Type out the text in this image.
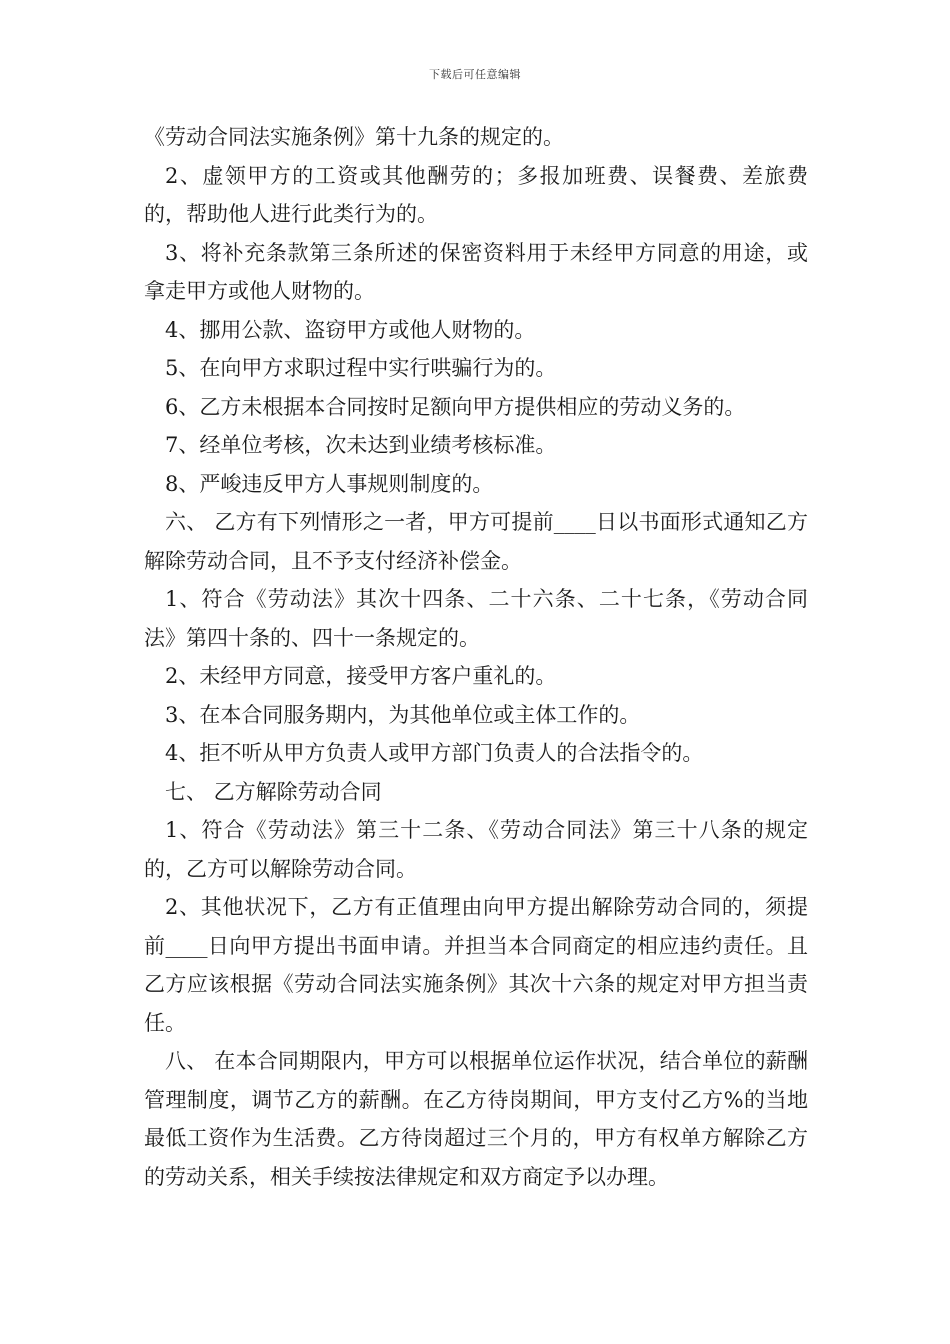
下载后可任意编辑

《劳动合同法实施条例》第十九条的规定的。

2、虚领甲方的工资或其他酬劳的；多报加班费、误餐费、差旅费的，帮助他人进行此类行为的。

3、将补充条款第三条所述的保密资料用于未经甲方同意的用途，或拿走甲方或他人财物的。

4、挪用公款、盗窃甲方或他人财物的。

5、在向甲方求职过程中实行哄骗行为的。

6、乙方未根据本合同按时足额向甲方提供相应的劳动义务的。

7、经单位考核，次未达到业绩考核标准。

8、严峻违反甲方人事规则制度的。

六、 乙方有下列情形之一者，甲方可提前____日以书面形式通知乙方解除劳动合同，且不予支付经济补偿金。

1、符合《劳动法》其次十四条、二十六条、二十七条，《劳动合同法》第四十条的、四十一条规定的。

2、未经甲方同意，接受甲方客户重礼的。

3、在本合同服务期内，为其他单位或主体工作的。

4、拒不听从甲方负责人或甲方部门负责人的合法指令的。

七、 乙方解除劳动合同

1、符合《劳动法》第三十二条、《劳动合同法》第三十八条的规定的，乙方可以解除劳动合同。

2、其他状况下，乙方有正值理由向甲方提出解除劳动合同的，须提前____日向甲方提出书面申请。并担当本合同商定的相应违约责任。且乙方应该根据《劳动合同法实施条例》其次十六条的规定对甲方担当责任。

八、 在本合同期限内，甲方可以根据单位运作状况，结合单位的薪酬管理制度，调节乙方的薪酬。在乙方待岗期间，甲方支付乙方%的当地最低工资作为生活费。乙方待岗超过三个月的，甲方有权单方解除乙方的劳动关系，相关手续按法律规定和双方商定予以办理。
